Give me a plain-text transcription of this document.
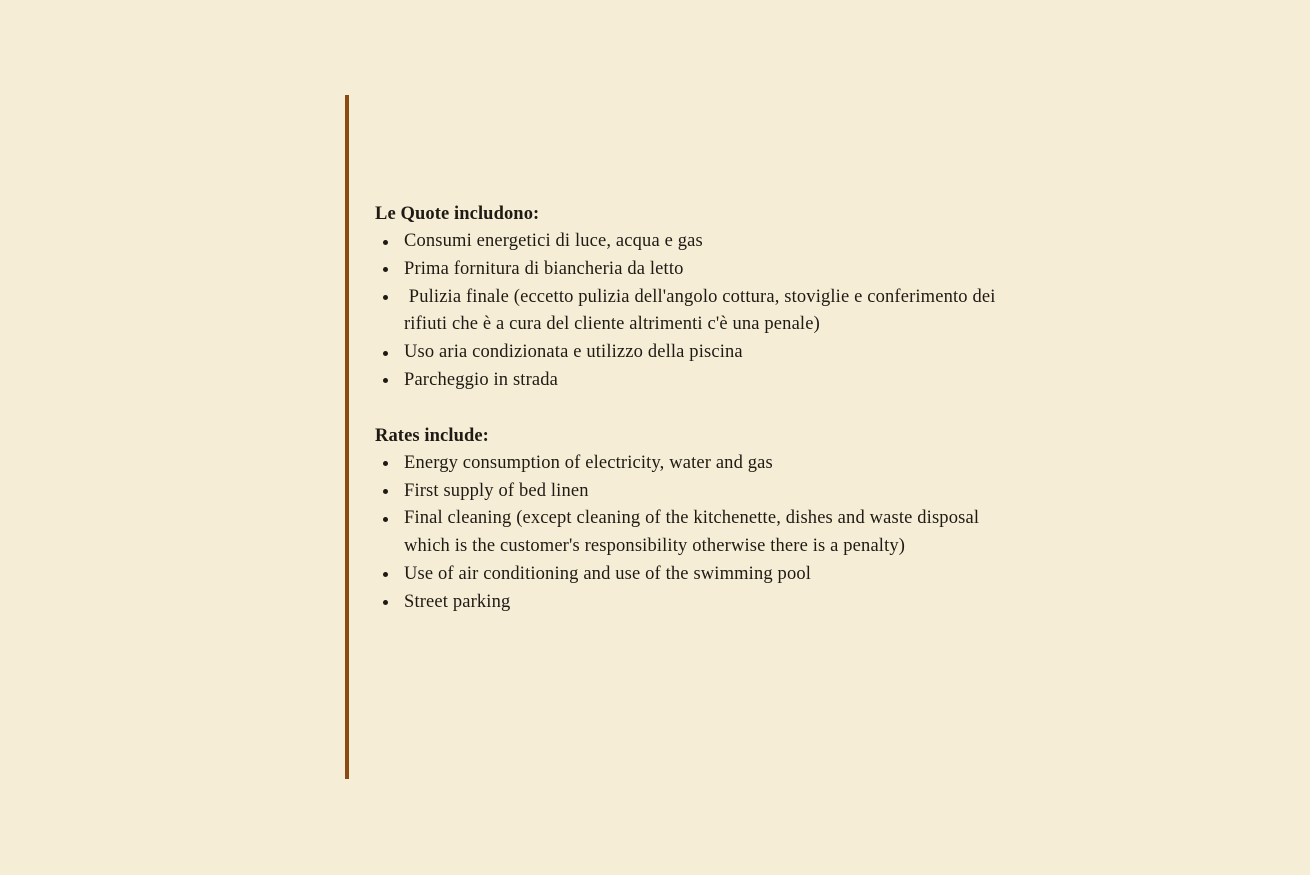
Le Quote includono:

Consumi energetici di luce, acqua e gas
Prima fornitura di biancheria da letto
Pulizia finale (eccetto pulizia dell'angolo cottura, stoviglie e conferimento dei rifiuti che è a cura del cliente altrimenti c'è una penale)
Uso aria condizionata e utilizzo della piscina
Parcheggio in strada

Rates include:

Energy consumption of electricity, water and gas
First supply of bed linen
Final cleaning (except cleaning of the kitchenette, dishes and waste disposal which is the customer's responsibility otherwise there is a penalty)
Use of air conditioning and use of the swimming pool
Street parking
